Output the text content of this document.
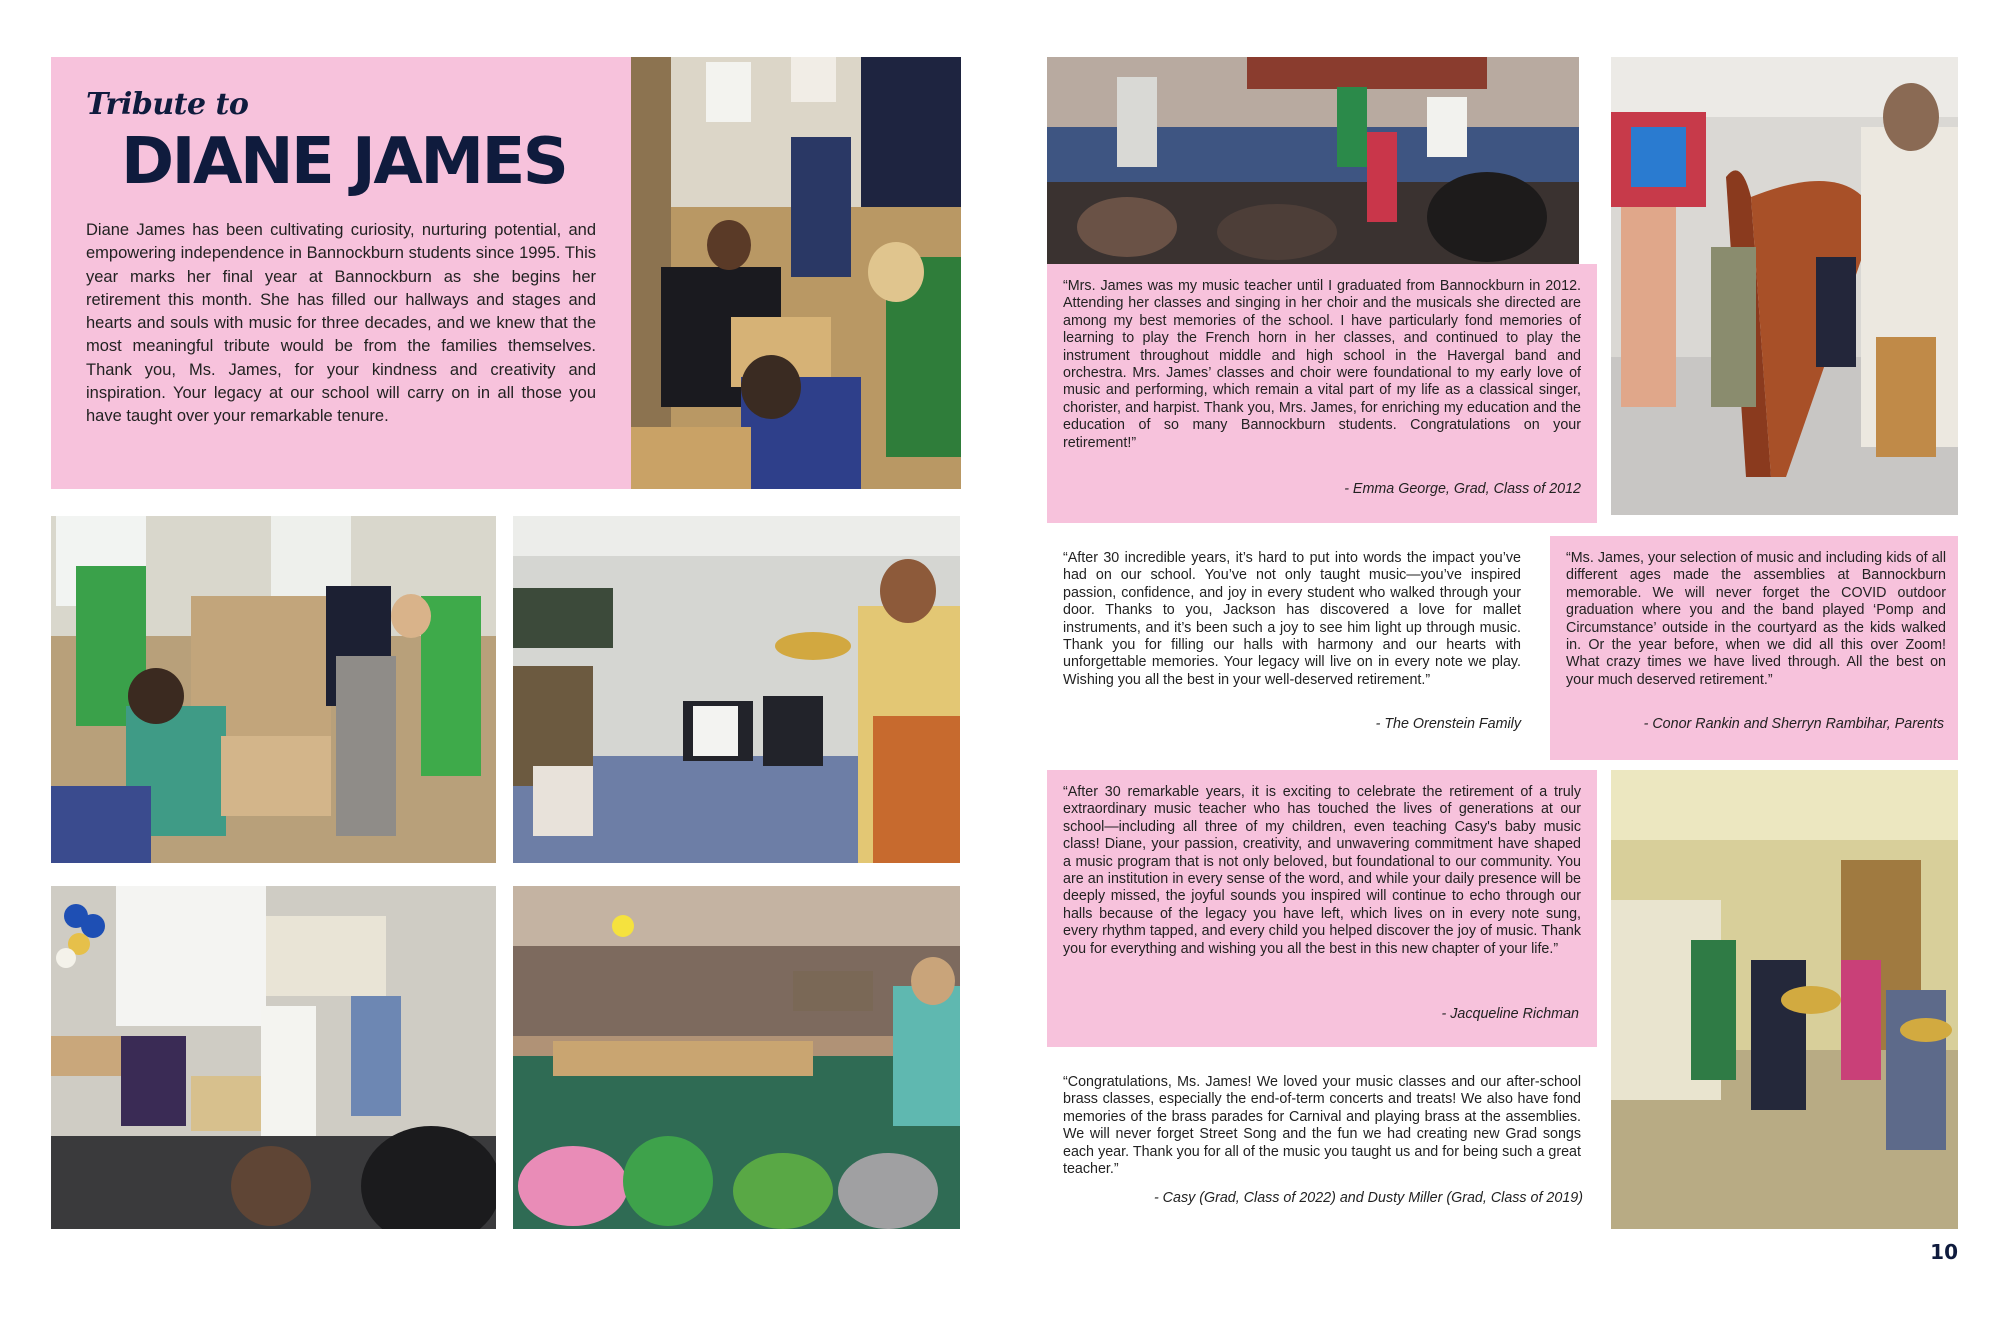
Tribute to
DIANE JAMES
Diane James has been cultivating curiosity, nurturing potential, and empowering independence in Bannockburn students since 1995. This year marks her final year at Bannockburn as she begins her retirement this month. She has filled our hallways and stages and hearts and souls with music for three decades, and we knew that the most meaningful tribute would be from the families themselves. Thank you, Ms. James, for your kindness and creativity and inspiration. Your legacy at our school will carry on in all those you have taught over your remarkable tenure.
“Mrs. James was my music teacher until I graduated from Bannockburn in 2012. Attending her classes and singing in her choir and the musicals she directed are among my best memories of the school. I have particularly fond memories of learning to play the French horn in her classes, and continued to play the instrument throughout middle and high school in the Havergal band and orchestra. Mrs. James’ classes and choir were foundational to my early love of music and performing, which remain a vital part of my life as a classical singer, chorister, and harpist. Thank you, Mrs. James, for enriching my education and the education of so many Bannockburn students. Congratulations on your retirement!”
- Emma George, Grad, Class of 2012
“After 30 incredible years, it’s hard to put into words the impact you’ve had on our school. You’ve not only taught music—you’ve inspired passion, confidence, and joy in every student who walked through your door. Thanks to you, Jackson has discovered a love for mallet instruments, and it’s been such a joy to see him light up through music. Thank you for filling our halls with harmony and our hearts with unforgettable memories. Your legacy will live on in every note we play. Wishing you all the best in your well-deserved retirement.”
- The Orenstein Family
“Ms. James, your selection of music and including kids of all different ages made the assemblies at Bannockburn memorable. We will never forget the COVID outdoor graduation where you and the band played ‘Pomp and Circumstance’ outside in the courtyard as the kids walked in. Or the year before, when we did all this over Zoom! What crazy times we have lived through. All the best on your much deserved retirement.”
- Conor Rankin and Sherryn Rambihar, Parents
“After 30 remarkable years, it is exciting to celebrate the retirement of a truly extraordinary music teacher who has touched the lives of generations at our school—including all three of my children, even teaching Casy's baby music class! Diane, your passion, creativity, and unwavering commitment have shaped a music program that is not only beloved, but foundational to our community. You are an institution in every sense of the word, and while your daily presence will be deeply missed, the joyful sounds you inspired will continue to echo through our halls because of the legacy you have left, which lives on in every note sung, every rhythm tapped, and every child you helped discover the joy of music. Thank you for everything and wishing you all the best in this new chapter of your life.”
- Jacqueline Richman
“Congratulations, Ms. James! We loved your music classes and our after-school brass classes, especially the end-of-term concerts and treats! We also have fond memories of the brass parades for Carnival and playing brass at the assemblies. We will never forget Street Song and the fun we had creating new Grad songs each year. Thank you for all of the music you taught us and for being such a great teacher.”
- Casy (Grad, Class of 2022) and Dusty Miller (Grad, Class of 2019)
10
